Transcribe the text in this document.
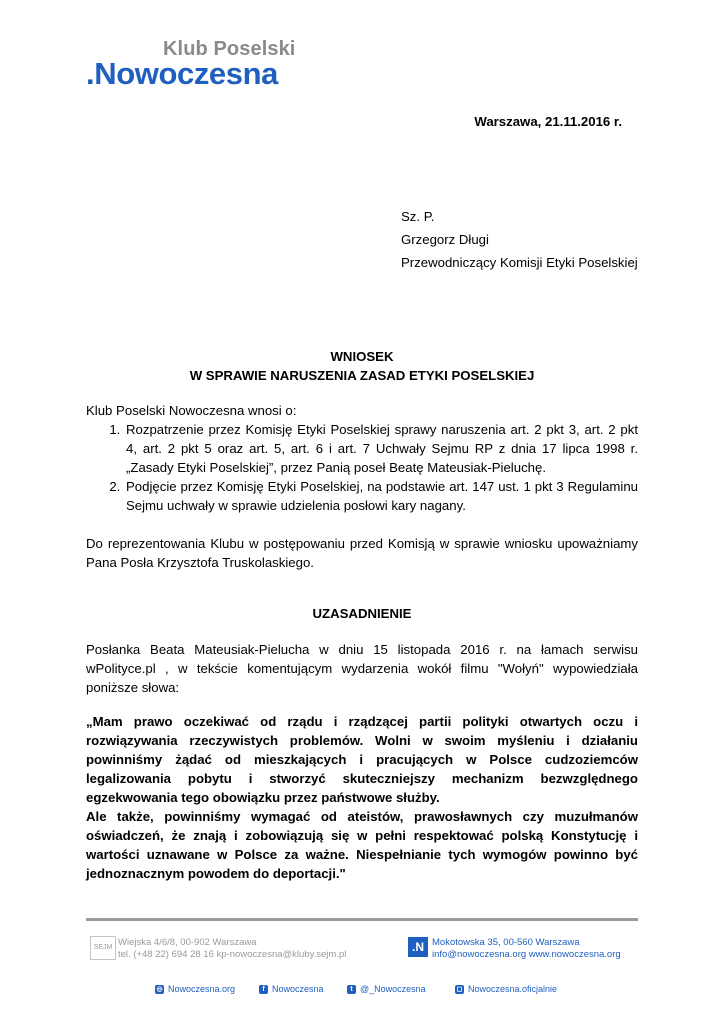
Klub Poselski
.Nowoczesna
Warszawa, 21.11.2016 r.
Sz. P.
Grzegorz Długi
Przewodniczący Komisji Etyki Poselskiej
WNIOSEK
W SPRAWIE NARUSZENIA ZASAD ETYKI POSELSKIEJ
Klub Poselski Nowoczesna wnosi o:
1. Rozpatrzenie przez Komisję Etyki Poselskiej sprawy naruszenia art. 2 pkt 3, art. 2 pkt 4, art. 2 pkt 5 oraz art. 5, art. 6 i art. 7 Uchwały Sejmu RP z dnia 17 lipca 1998 r. „Zasady Etyki Poselskiej”, przez Panią poseł Beatę Mateusiak-Pieluchę.
2. Podjęcie przez Komisję Etyki Poselskiej, na podstawie art. 147 ust. 1 pkt 3 Regulaminu Sejmu uchwały w sprawie udzielenia posłowi kary nagany.
Do reprezentowania Klubu w postępowaniu przed Komisją w sprawie wniosku upoważniamy Pana Posła Krzysztofa Truskolaskiego.
UZASADNIENIE
Posłanka Beata Mateusiak-Pielucha w dniu 15 listopada 2016 r. na łamach serwisu wPolityce.pl , w tekście komentującym wydarzenia wokół filmu "Wołyń" wypowiedziała poniższe słowa:
„Mam prawo oczekiwać od rządu i rządzącej partii polityki otwartych oczu i rozwiązywania rzeczywistych problemów. Wolni w swoim myśleniu i działaniu powinniśmy żądać od mieszkających i pracujących w Polsce cudzoziemców legalizowania pobytu i stworzyć skuteczniejszy mechanizm bezwzględnego egzekwowania tego obowiązku przez państwowe służby.
Ale także, powinniśmy wymagać od ateistów, prawosławnych czy muzułmanów oświadczeń, że znają i zobowiązują się w pełni respektować polską Konstytucję i wartości uznawane w Polsce za ważne. Niespełnianie tych wymogów powinno być jednoznacznym powodem do deportacji."
SEJM Wiejska 4/6/8, 00-902 Warszawa
tel. (+48 22) 694 28 16 kp-nowoczesna@kluby.sejm.pl
.N Mokotowska 35, 00-560 Warszawa
info@nowoczesna.org www.nowoczesna.org
◎ Nowoczesna.org	f Nowoczesna	t @_Nowoczesna	◻ Nowoczesna.oficjalnie
